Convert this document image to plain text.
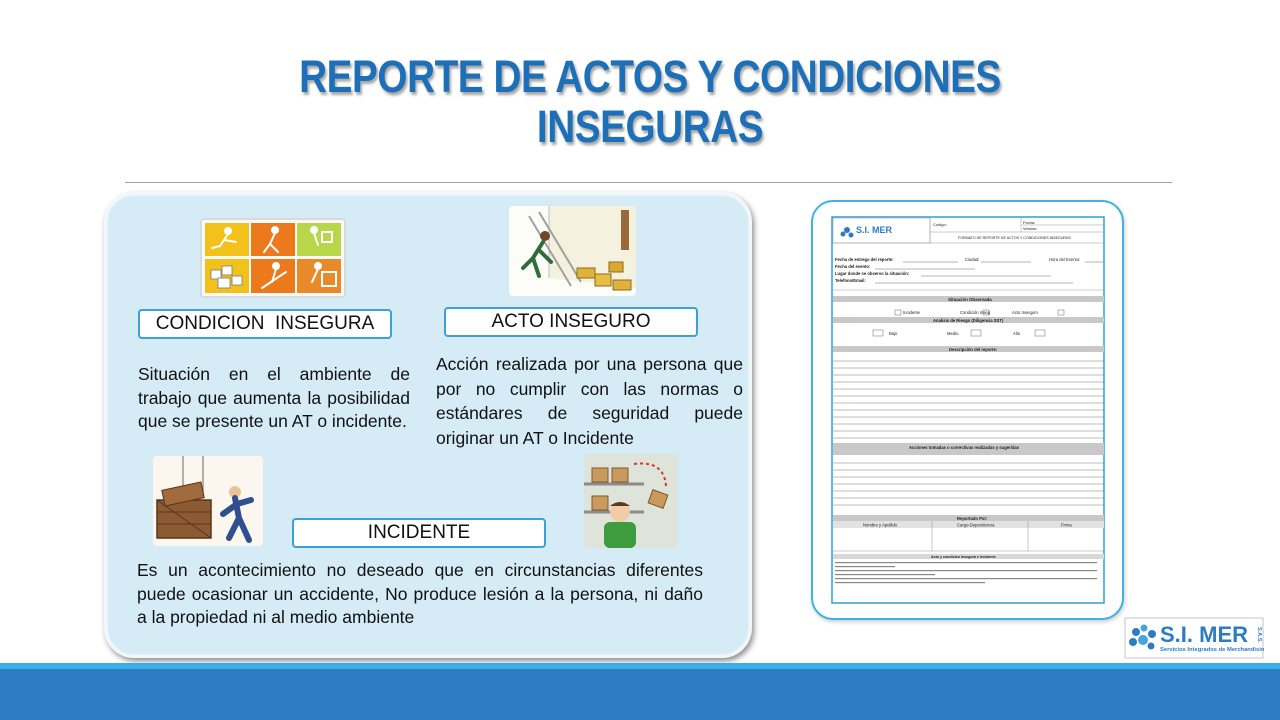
REPORTE DE ACTOS Y CONDICIONES
INSEGURAS
CONDICION  INSEGURA	ACTO INSEGURO
INCIDENTE
Situación en el ambiente de trabajo que aumenta la posibilidad que se presente un AT o incidente.
Acción realizada por una persona que por no cumplir con las normas o estándares de seguridad puede originar un AT o Incidente
Es un acontecimiento no deseado que en circunstancias diferentes puede ocasionar un accidente, No produce lesión a la persona, ni daño a la propiedad ni al medio ambiente
S.I. MER
Codigo:	Fecha:
Versión:
FORMATO DE REPORTE DE ACTOS Y CONDICIONES INSEGURAS
Fecha de entrega del reporte:	Ciudad:	Hora del Evento:
Fecha del evento:
Lugar donde se observo la situación:
Telefono/Email:
Situación Observada
Incidente	Condición Inseg	Acto Inseguro
Analisis de Riesgo (Diligencia SST)
Bajo	Medio	Alto
Descripción del reporte:
Acciones tomadas o correctivas realizadas y sugeridas
Reportado Por:
Nombre y Apellido	Cargo-Dependencia	Firma
Acto y condición Insegura e Incidente
S.I. MER S.A.S.
Servicios Integrados de Merchandising
